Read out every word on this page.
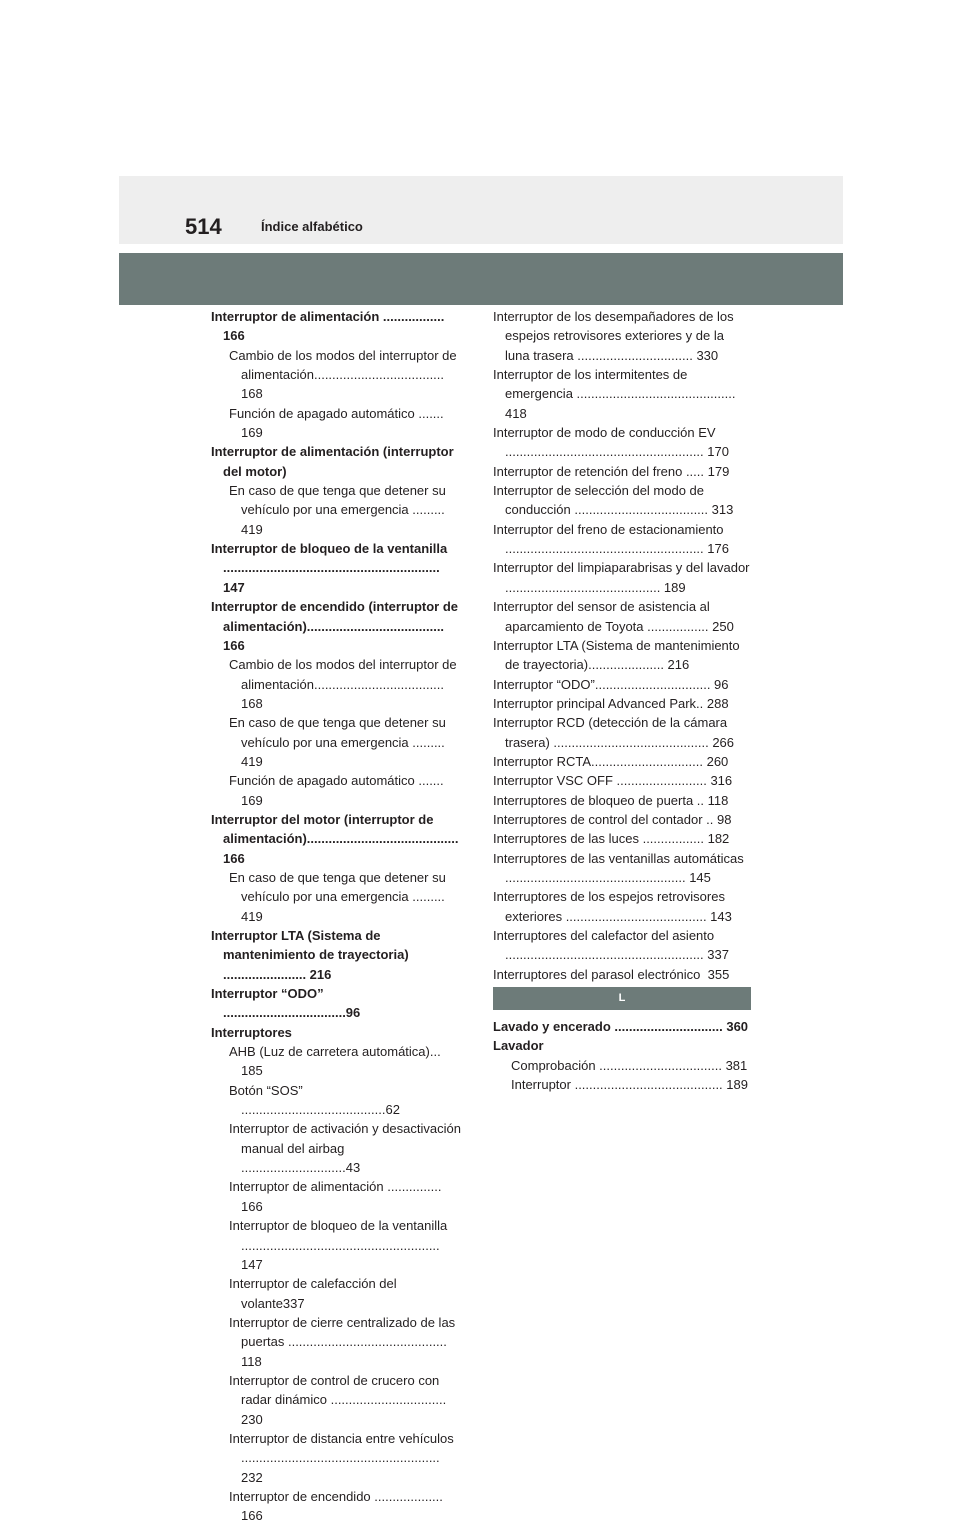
514	Índice alfabético

Interruptor de alimentación ................. 166

Cambio de los modos del interruptor de alimentación.................................... 168

Función de apagado automático ....... 169

Interruptor de alimentación (interruptor del motor)

En caso de que tenga que detener su vehículo por una emergencia ......... 419

Interruptor de bloqueo de la ventanilla ............................................................ 147

Interruptor de encendido (interruptor de alimentación)...................................... 166

Cambio de los modos del interruptor de alimentación.................................... 168

En caso de que tenga que detener su vehículo por una emergencia ......... 419

Función de apagado automático ....... 169

Interruptor del motor (interruptor de alimentación).......................................... 166

En caso de que tenga que detener su vehículo por una emergencia ......... 419

Interruptor LTA (Sistema de mantenimiento de trayectoria) ....................... 216

Interruptor “ODO” ..................................96

Interruptores

AHB (Luz de carretera automática)... 185

Botón “SOS” ........................................62

Interruptor de activación y desactivación manual del airbag .............................43

Interruptor de alimentación ............... 166

Interruptor de bloqueo de la ventanilla ....................................................... 147

Interruptor de calefacción del volante337

Interruptor de cierre centralizado de las puertas ............................................ 118

Interruptor de control de crucero con radar dinámico ................................ 230

Interruptor de distancia entre vehículos ....................................................... 232

Interruptor de encendido ................... 166

Interruptor de los desempañadores de los espejos retrovisores exteriores y de la luna trasera ................................ 330

Interruptor de los intermitentes de emergencia ............................................ 418

Interruptor de modo de conducción EV ....................................................... 170

Interruptor de retención del freno ..... 179

Interruptor de selección del modo de conducción ..................................... 313

Interruptor del freno de estacionamiento ....................................................... 176

Interruptor del limpiaparabrisas y del lavador ........................................... 189

Interruptor del sensor de asistencia al aparcamiento de Toyota ................. 250

Interruptor LTA (Sistema de mantenimiento de trayectoria)..................... 216

Interruptor “ODO”................................ 96

Interruptor principal Advanced Park.. 288

Interruptor RCD (detección de la cámara trasera) ........................................... 266

Interruptor RCTA............................... 260

Interruptor VSC OFF ......................... 316

Interruptores de bloqueo de puerta .. 118

Interruptores de control del contador .. 98

Interruptores de las luces ................. 182

Interruptores de las ventanillas automáticas .................................................. 145

Interruptores de los espejos retrovisores exteriores ....................................... 143

Interruptores del calefactor del asiento ....................................................... 337

Interruptores del parasol electrónico  355

L

Lavado y encerado .............................. 360

Lavador

Comprobación .................................. 381

Interruptor ......................................... 189
